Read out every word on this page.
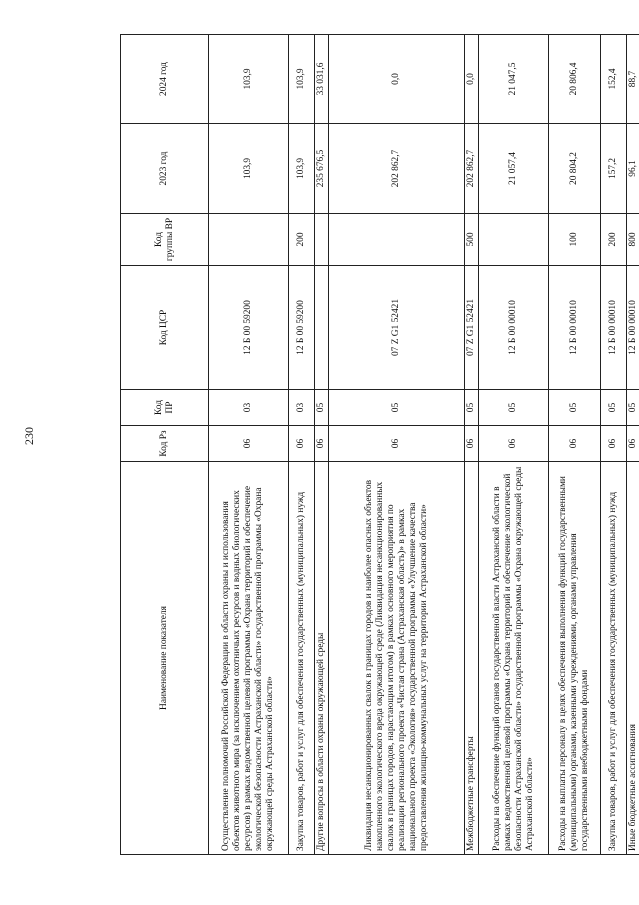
230
Наименование показателя	Код Рз	Код ПР	Код ЦСР	Код группы ВР	2023 год	2024 год
Осуществление полномочий Российской Федерации в области охраны и использования объектов животного мира (за исключением охотничьих ресурсов и водных биологических ресурсов) в рамках ведомственной целевой программы «Охрана территорий и обеспечение экологической безопасности Астраханской области» государственной программы «Охрана окружающей среды Астраханской области»	06	03	12 Б 00 59200		103,9	103,9
Закупка товаров, работ и услуг для обеспечения государственных (муниципальных) нужд	06	03	12 Б 00 59200	200	103,9	103,9
Другие вопросы в области охраны окружающей среды	06	05			235 676,5	33 031,6
Ликвидация несанкционированных свалок в границах городов и наиболее опасных объектов накопленного экологического вреда окружающей среде (Ликвидация несанкционированных свалок в границах городов, нарастающим итогом) в рамках основного мероприятия по реализации регионального проекта «Чистая страна (Астраханская область)» в рамках национального проекта «Экология» государственной программы «Улучшение качества предоставления жилищно-коммунальных услуг на территории Астраханской области»	06	05	07 Z G1 52421		202 862,7	0,0
Межбюджетные трансферты	06	05	07 Z G1 52421	500	202 862,7	0,0
Расходы на обеспечение функций органов государственной власти Астраханской области в рамках ведомственной целевой программы «Охрана территорий и обеспечение экологической безопасности Астраханской области» государственной программы «Охрана окружающей среды Астраханской области»	06	05	12 Б 00 00010		21 057,4	21 047,5
Расходы на выплаты персоналу в целях обеспечения выполнения функций государственными (муниципальными) органами, казенными учреждениями, органами управления государственными внебюджетными фондами	06	05	12 Б 00 00010	100	20 804,2	20 806,4
Закупка товаров, работ и услуг для обеспечения государственных (муниципальных) нужд	06	05	12 Б 00 00010	200	157,2	152,4
Иные бюджетные ассигнования	06	05	12 Б 00 00010	800	96,1	88,7
